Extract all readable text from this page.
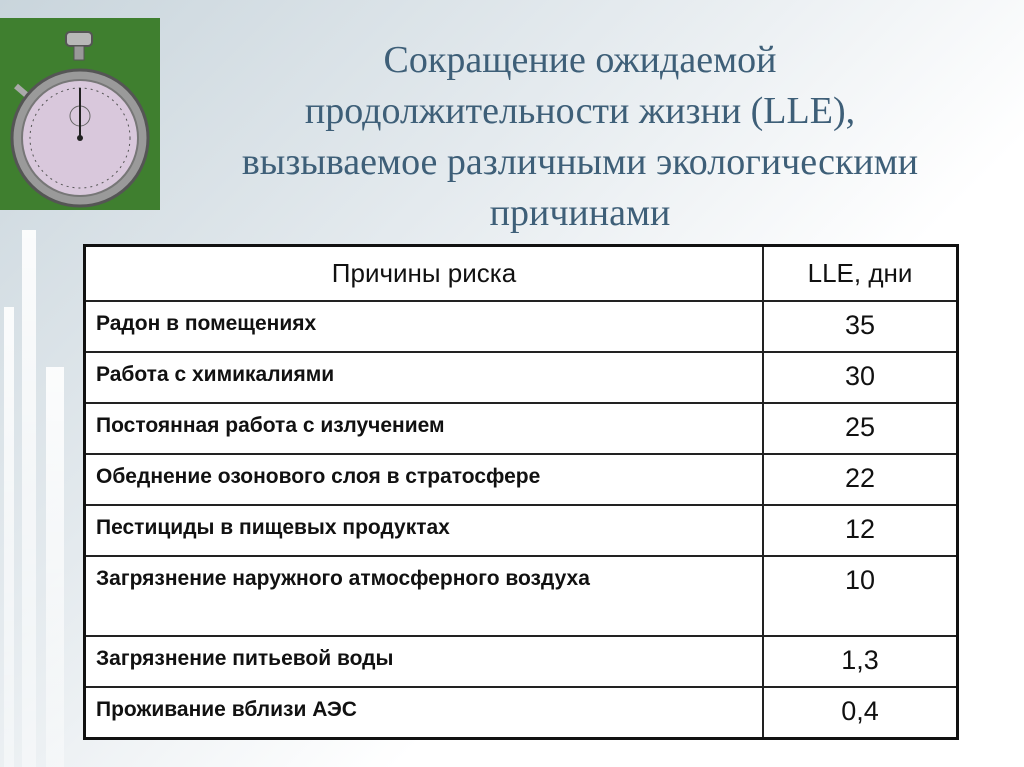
Сокращение ожидаемой
продолжительности жизни (LLE),
вызываемое различными экологическими
причинами
Причины риска	LLE, дни
Радон в помещениях	35
Работа с химикалиями	30
Постоянная работа с излучением	25
Обеднение озонового слоя в стратосфере	22
Пестициды в пищевых продуктах	12
Загрязнение наружного атмосферного воздуха	10
Загрязнение питьевой воды	1,3
Проживание вблизи АЭС	0,4
